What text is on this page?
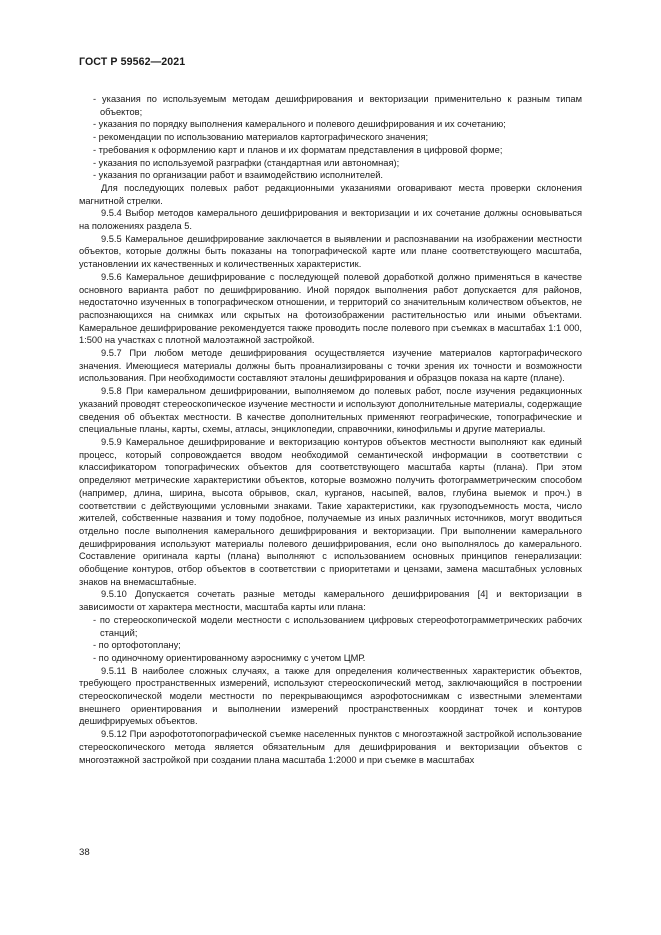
ГОСТ Р 59562—2021

- указания по используемым методам дешифрирования и векторизации применительно к разным типам объектов;

- указания по порядку выполнения камерального и полевого дешифрирования и их сочетанию;

- рекомендации по использованию материалов картографического значения;

- требования к оформлению карт и планов и их форматам представления в цифровой форме;

- указания по используемой разграфки (стандартная или автономная);

- указания по организации работ и взаимодействию исполнителей.

Для последующих полевых работ редакционными указаниями оговаривают места проверки склонения магнитной стрелки.

9.5.4 Выбор методов камерального дешифрирования и векторизации и их сочетание должны основываться на положениях раздела 5.

9.5.5 Камеральное дешифрирование заключается в выявлении и распознавании на изображении местности объектов, которые должны быть показаны на топографической карте или плане соответствующего масштаба, установлении их качественных и количественных характеристик.

9.5.6 Камеральное дешифрирование с последующей полевой доработкой должно применяться в качестве основного варианта работ по дешифрированию. Иной порядок выполнения работ допускается для районов, недостаточно изученных в топографическом отношении, и территорий со значительным количеством объектов, не распознающихся на снимках или скрытых на фотоизображении растительностью или иными объектами. Камеральное дешифрирование рекомендуется также проводить после полевого при съемках в масштабах 1:1 000, 1:500 на участках с плотной малоэтажной застройкой.

9.5.7 При любом методе дешифрирования осуществляется изучение материалов картографического значения. Имеющиеся материалы должны быть проанализированы с точки зрения их точности и возможности использования. При необходимости составляют эталоны дешифрирования и образцов показа на карте (плане).

9.5.8 При камеральном дешифрировании, выполняемом до полевых работ, после изучения редакционных указаний проводят стереоскопическое изучение местности и используют дополнительные материалы, содержащие сведения об объектах местности. В качестве дополнительных применяют географические, топографические и специальные планы, карты, схемы, атласы, энциклопедии, справочники, кинофильмы и другие материалы.

9.5.9 Камеральное дешифрирование и векторизацию контуров объектов местности выполняют как единый процесс, который сопровождается вводом необходимой семантической информации в соответствии с классификатором топографических объектов для соответствующего масштаба карты (плана). При этом определяют метрические характеристики объектов, которые возможно получить фотограмметрическим способом (например, длина, ширина, высота обрывов, скал, курганов, насыпей, валов, глубина выемок и проч.) в соответствии с действующими условными знаками. Такие характеристики, как грузоподъемность моста, число жителей, собственные названия и тому подобное, получаемые из иных различных источников, могут вводиться отдельно после выполнения камерального дешифрирования и векторизации. При выполнении камерального дешифрирования используют материалы полевого дешифрирования, если оно выполнялось до камерального. Составление оригинала карты (плана) выполняют с использованием основных принципов генерализации: обобщение контуров, отбор объектов в соответствии с приоритетами и цензами, замена масштабных условных знаков на внемасштабные.

9.5.10 Допускается сочетать разные методы камерального дешифрирования [4] и векторизации в зависимости от характера местности, масштаба карты или плана:

- по стереоскопической модели местности с использованием цифровых стереофотограмметрических рабочих станций;

- по ортофотоплану;

- по одиночному ориентированному аэроснимку с учетом ЦМР.

9.5.11 В наиболее сложных случаях, а также для определения количественных характеристик объектов, требующего пространственных измерений, используют стереоскопический метод, заключающийся в построении стереоскопической модели местности по перекрывающимся аэрофотоснимкам с известными элементами внешнего ориентирования и выполнении измерений пространственных координат точек и контуров дешифрируемых объектов.

9.5.12 При аэрофототопографической съемке населенных пунктов с многоэтажной застройкой использование стереоскопического метода является обязательным для дешифрирования и векторизации объектов с многоэтажной застройкой при создании плана масштаба 1:2000 и при съемке в масштабах

38
